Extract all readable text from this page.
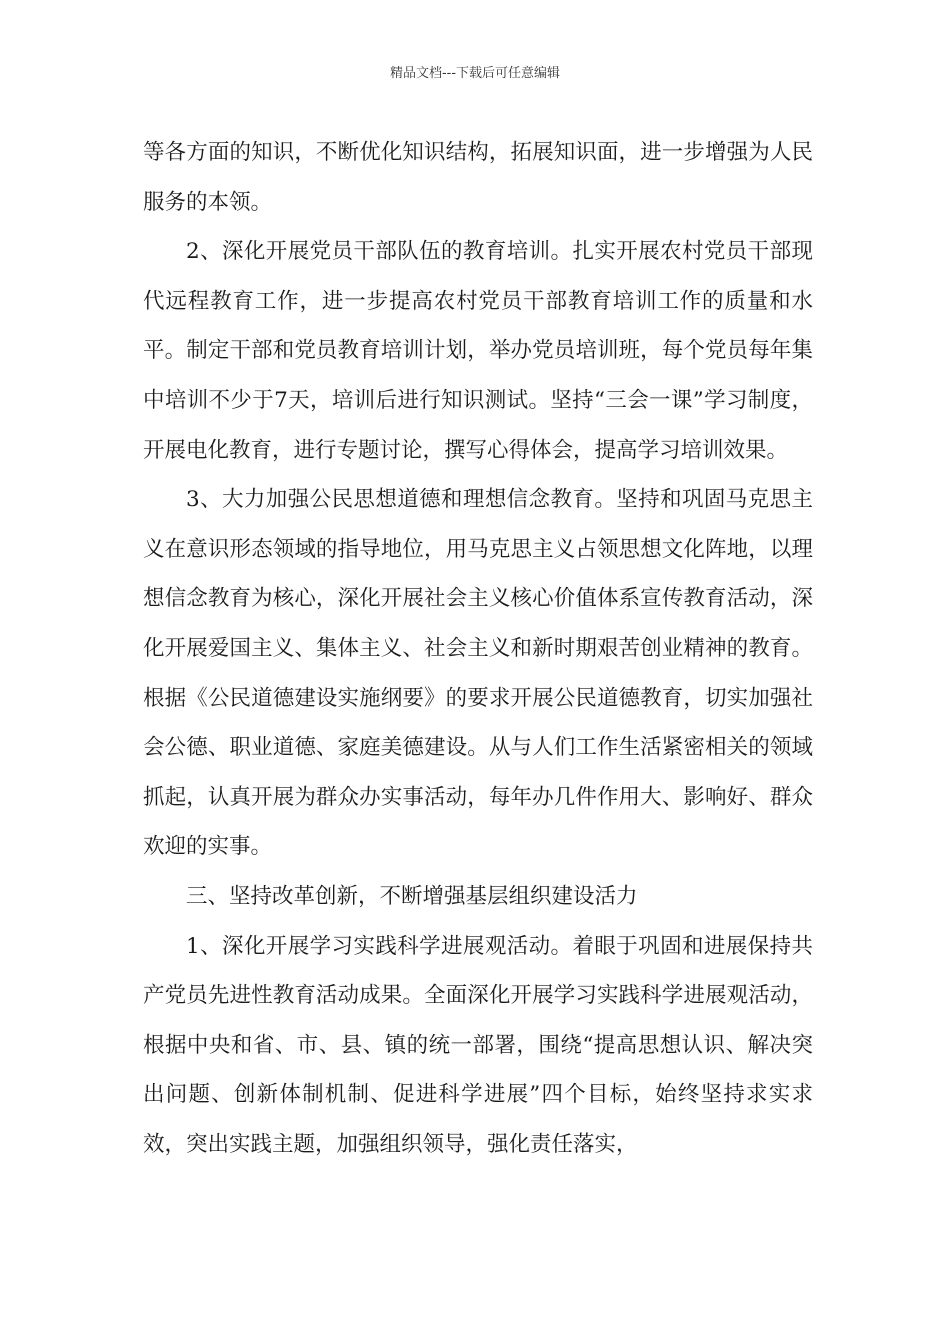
精品文档---下载后可任意编辑

等各方面的知识，不断优化知识结构，拓展知识面，进一步增强为人民服务的本领。

2、深化开展党员干部队伍的教育培训。扎实开展农村党员干部现代远程教育工作，进一步提高农村党员干部教育培训工作的质量和水平。制定干部和党员教育培训计划，举办党员培训班，每个党员每年集中培训不少于7天，培训后进行知识测试。坚持“三会一课”学习制度，开展电化教育，进行专题讨论，撰写心得体会，提高学习培训效果。

3、大力加强公民思想道德和理想信念教育。坚持和巩固马克思主义在意识形态领域的指导地位，用马克思主义占领思想文化阵地，以理想信念教育为核心，深化开展社会主义核心价值体系宣传教育活动，深化开展爱国主义、集体主义、社会主义和新时期艰苦创业精神的教育。根据《公民道德建设实施纲要》的要求开展公民道德教育，切实加强社会公德、职业道德、家庭美德建设。从与人们工作生活紧密相关的领域抓起，认真开展为群众办实事活动，每年办几件作用大、影响好、群众欢迎的实事。

三、坚持改革创新，不断增强基层组织建设活力

1、深化开展学习实践科学进展观活动。着眼于巩固和进展保持共产党员先进性教育活动成果。全面深化开展学习实践科学进展观活动，根据中央和省、市、县、镇的统一部署，围绕“提高思想认识、解决突出问题、创新体制机制、促进科学进展”四个目标，始终坚持求实求效，突出实践主题，加强组织领导，强化责任落实，
